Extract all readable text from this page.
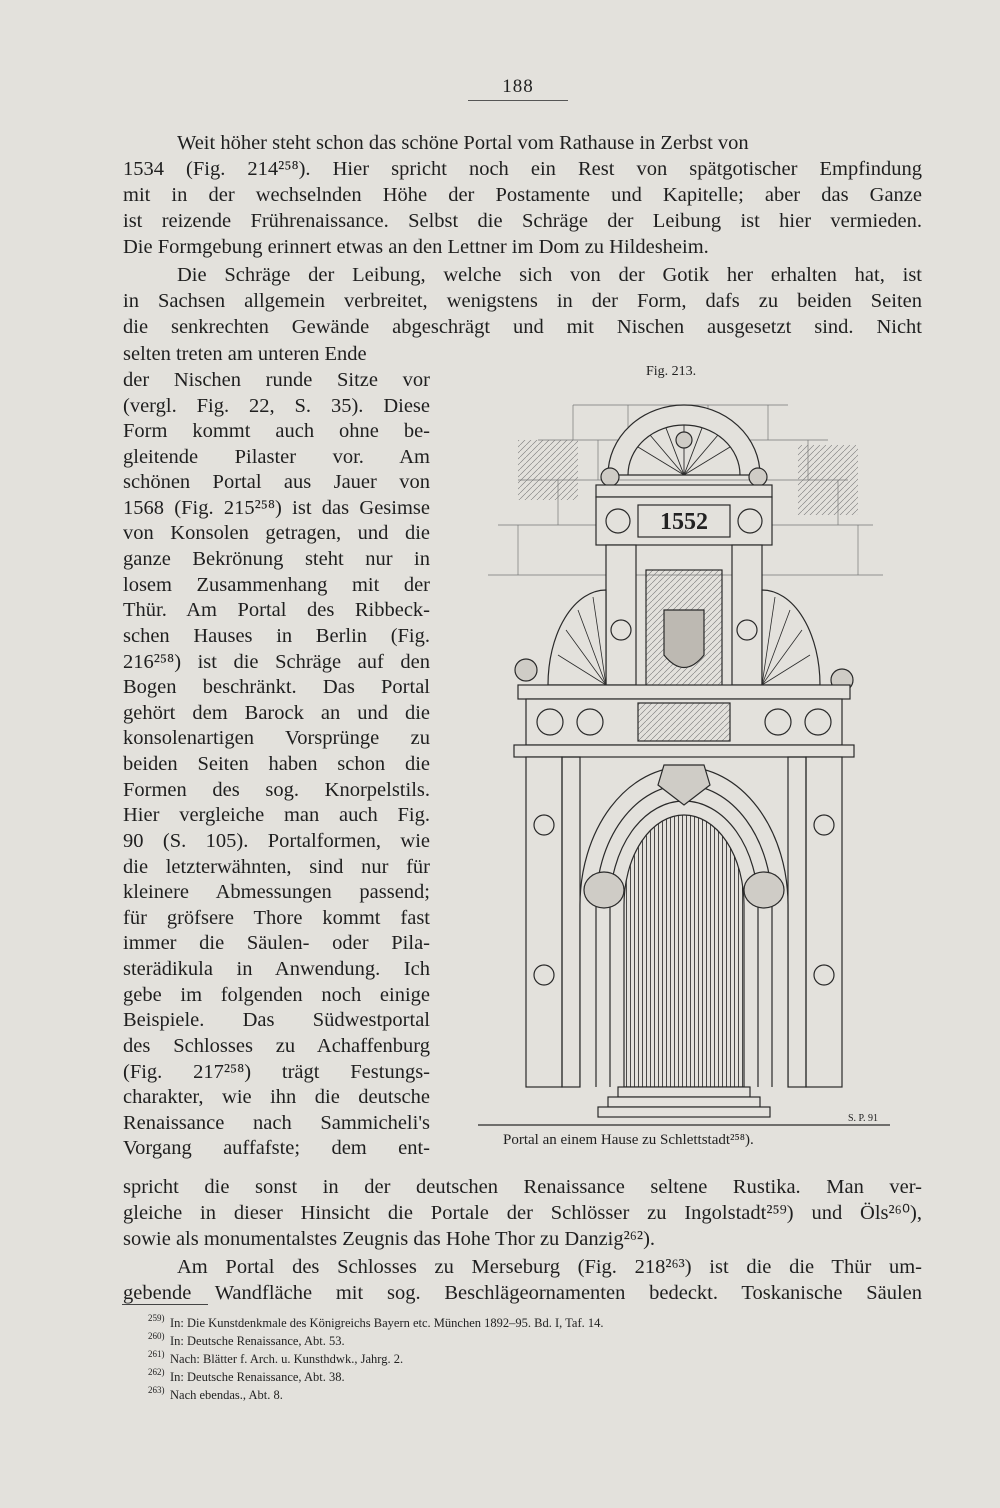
188
Weit höher steht schon das schöne Portal vom Rathause in Zerbst von
1534 (Fig. 214²⁵⁸). Hier spricht noch ein Rest von spätgotischer Empfindung
mit in der wechselnden Höhe der Postamente und Kapitelle; aber das Ganze
ist reizende Frührenaissance. Selbst die Schräge der Leibung ist hier vermieden.
Die Formgebung erinnert etwas an den Lettner im Dom zu Hildesheim.
Die Schräge der Leibung, welche sich von der Gotik her erhalten hat, ist
in Sachsen allgemein verbreitet, wenigstens in der Form, dafs zu beiden Seiten
die senkrechten Gewände abgeschrägt und mit Nischen ausgesetzt sind. Nicht
selten treten am unteren Ende
der Nischen runde Sitze vor
(vergl. Fig. 22, S. 35). Diese
Form kommt auch ohne be-
gleitende Pilaster vor. Am
schönen Portal aus Jauer von
1568 (Fig. 215²⁵⁸) ist das Gesimse
von Konsolen getragen, und die
ganze Bekrönung steht nur in
losem Zusammenhang mit der
Thür. Am Portal des Ribbeck-
schen Hauses in Berlin (Fig.
216²⁵⁸) ist die Schräge auf den
Bogen beschränkt. Das Portal
gehört dem Barock an und die
konsolenartigen Vorsprünge zu
beiden Seiten haben schon die
Formen des sog. Knorpelstils.
Hier vergleiche man auch Fig.
90 (S. 105). Portalformen, wie
die letzterwähnten, sind nur für
kleinere Abmessungen passend;
für gröfsere Thore kommt fast
immer die Säulen- oder Pila-
sterädikula in Anwendung. Ich
gebe im folgenden noch einige
Beispiele. Das Südwestportal
des Schlosses zu Achaffenburg
(Fig. 217²⁵⁸) trägt Festungs-
charakter, wie ihn die deutsche
Renaissance nach Sammicheli's
Vorgang auffafste; dem ent-
spricht die sonst in der deutschen Renaissance seltene Rustika. Man ver-
gleiche in dieser Hinsicht die Portale der Schlösser zu Ingolstadt²⁵⁹) und Öls²⁶⁰),
sowie als monumentalstes Zeugnis das Hohe Thor zu Danzig²⁶²).
Am Portal des Schlosses zu Merseburg (Fig. 218²⁶³) ist die die Thür um-
gebende Wandfläche mit sog. Beschlägeornamenten bedeckt. Toskanische Säulen
Fig. 213.
1552
S. P. 91
Portal an einem Hause zu Schlettstadt²⁵⁸).
259) In: Die Kunstdenkmale des Königreichs Bayern etc. München 1892–95. Bd. I, Taf. 14.
260) In: Deutsche Renaissance, Abt. 53.
261) Nach: Blätter f. Arch. u. Kunsthdwk., Jahrg. 2.
262) In: Deutsche Renaissance, Abt. 38.
263) Nach ebendas., Abt. 8.
